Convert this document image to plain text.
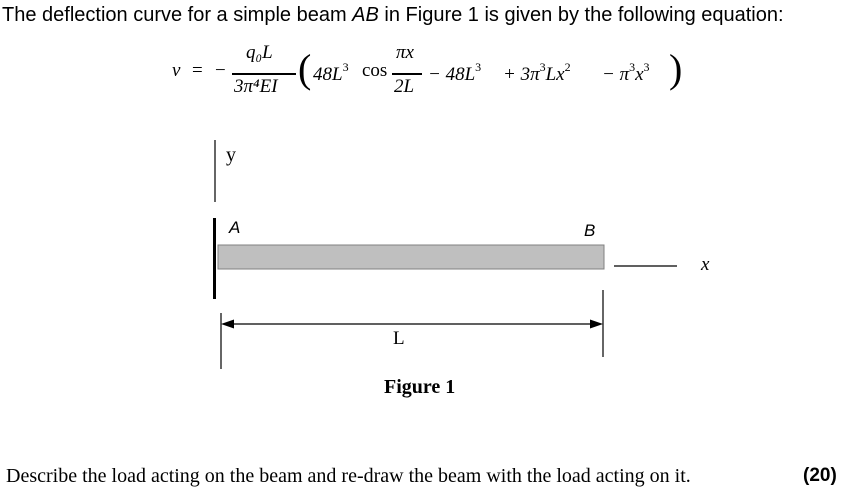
The deflection curve for a simple beam AB in Figure 1 is given by the following equation:
v = −
q₀L
3π⁴EI ( $48L^3$ cos
πx
2L
− $48L^3 + 3\pi^3Lx^2 - \pi^3x^3$ )
y
A	B
x
L
Figure 1
Describe the load acting on the beam and re-draw the beam with the load acting on it.	(20)
